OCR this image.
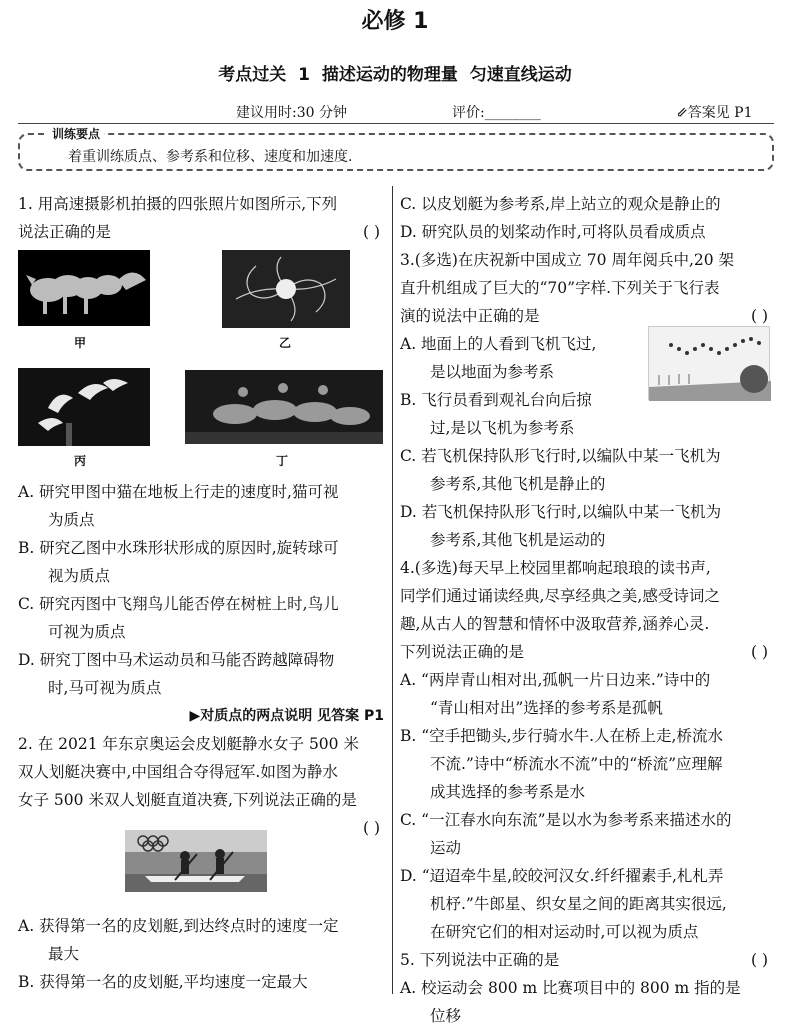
必修 1
考点过关 1 描述运动的物理量 匀速直线运动
建议用时:30 分钟	评价:________	⇙答案见 P1
训练要点
着重训练质点、参考系和位移、速度和加速度.
1. 用高速摄影机拍摄的四张照片如图所示,下列
说法正确的是	( )
甲	乙
丙	丁
A. 研究甲图中猫在地板上行走的速度时,猫可视
为质点
B. 研究乙图中水珠形状形成的原因时,旋转球可
视为质点
C. 研究丙图中飞翔鸟儿能否停在树桩上时,鸟儿
可视为质点
D. 研究丁图中马术运动员和马能否跨越障碍物
时,马可视为质点
▶对质点的两点说明 见答案 P1
2. 在 2021 年东京奥运会皮划艇静水女子 500 米
双人划艇决赛中,中国组合夺得冠军.如图为静水
女子 500 米双人划艇直道决赛,下列说法正确的是
( )
A. 获得第一名的皮划艇,到达终点时的速度一定
最大
B. 获得第一名的皮划艇,平均速度一定最大
C. 以皮划艇为参考系,岸上站立的观众是静止的
D. 研究队员的划桨动作时,可将队员看成质点
3.(多选)在庆祝新中国成立 70 周年阅兵中,20 架
直升机组成了巨大的“70”字样.下列关于飞行表
演的说法中正确的是	( )
A. 地面上的人看到飞机飞过,
是以地面为参考系
B. 飞行员看到观礼台向后掠
过,是以飞机为参考系
C. 若飞机保持队形飞行时,以编队中某一飞机为
参考系,其他飞机是静止的
D. 若飞机保持队形飞行时,以编队中某一飞机为
参考系,其他飞机是运动的
4.(多选)每天早上校园里都响起琅琅的读书声,
同学们通过诵读经典,尽享经典之美,感受诗词之
趣,从古人的智慧和情怀中汲取营养,涵养心灵.
下列说法正确的是	( )
A. “两岸青山相对出,孤帆一片日边来.”诗中的
“青山相对出”选择的参考系是孤帆
B. “空手把锄头,步行骑水牛.人在桥上走,桥流水
不流.”诗中“桥流水不流”中的“桥流”应理解
成其选择的参考系是水
C. “一江春水向东流”是以水为参考系来描述水的
运动
D. “迢迢牵牛星,皎皎河汉女.纤纤擢素手,札札弄
机杼.”牛郎星、织女星之间的距离其实很远,
在研究它们的相对运动时,可以视为质点
5. 下列说法中正确的是	( )
A. 校运动会 800 m 比赛项目中的 800 m 指的是
位移
